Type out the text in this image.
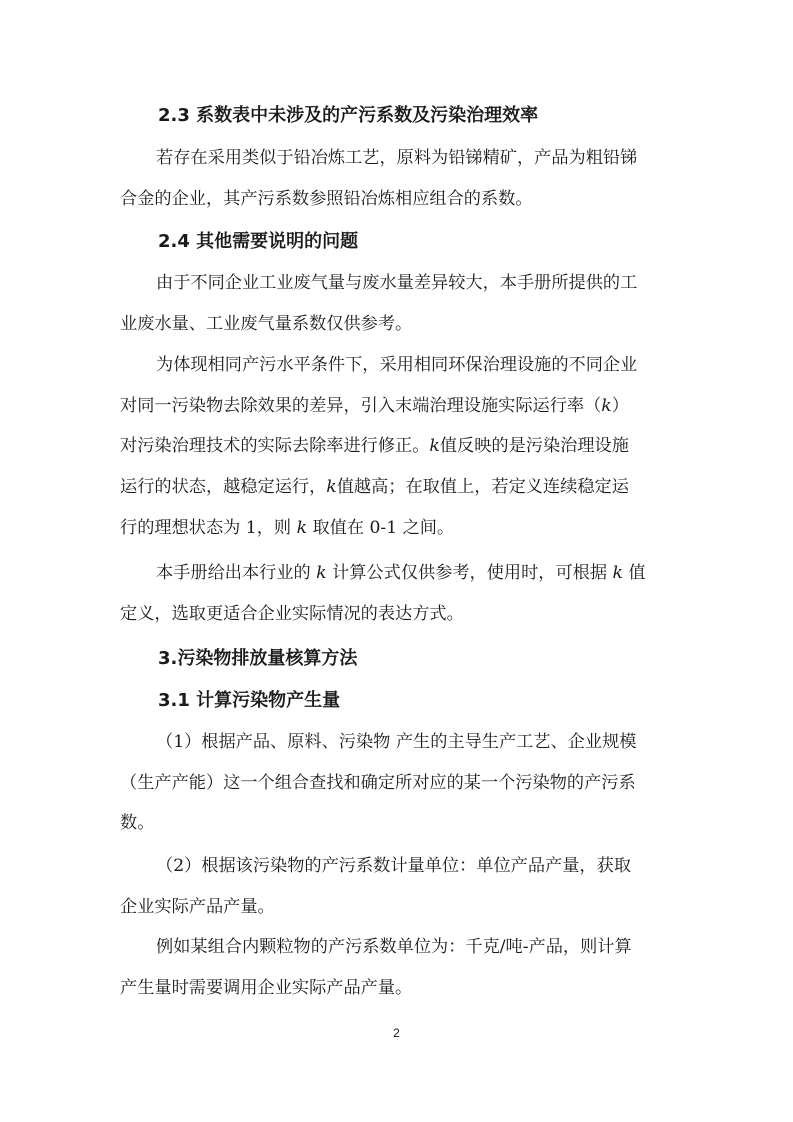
2.3 系数表中未涉及的产污系数及污染治理效率
若存在采用类似于铅冶炼工艺，原料为铅锑精矿，产品为粗铅锑
合金的企业，其产污系数参照铅冶炼相应组合的系数。
2.4 其他需要说明的问题
由于不同企业工业废气量与废水量差异较大，本手册所提供的工
业废水量、工业废气量系数仅供参考。
为体现相同产污水平条件下，采用相同环保治理设施的不同企业
对同一污染物去除效果的差异，引入末端治理设施实际运行率（k）
对污染治理技术的实际去除率进行修正。k值反映的是污染治理设施
运行的状态，越稳定运行，k值越高；在取值上，若定义连续稳定运
行的理想状态为 1，则 k 取值在 0-1 之间。
本手册给出本行业的 k 计算公式仅供参考，使用时，可根据 k 值
定义，选取更适合企业实际情况的表达方式。
3.污染物排放量核算方法
3.1 计算污染物产生量
（1）根据产品、原料、污染物 产生的主导生产工艺、企业规模
（生产产能）这一个组合查找和确定所对应的某一个污染物的产污系
数。
（2）根据该污染物的产污系数计量单位：单位产品产量，获取
企业实际产品产量。
例如某组合内颗粒物的产污系数单位为：千克/吨-产品，则计算
产生量时需要调用企业实际产品产量。
2
